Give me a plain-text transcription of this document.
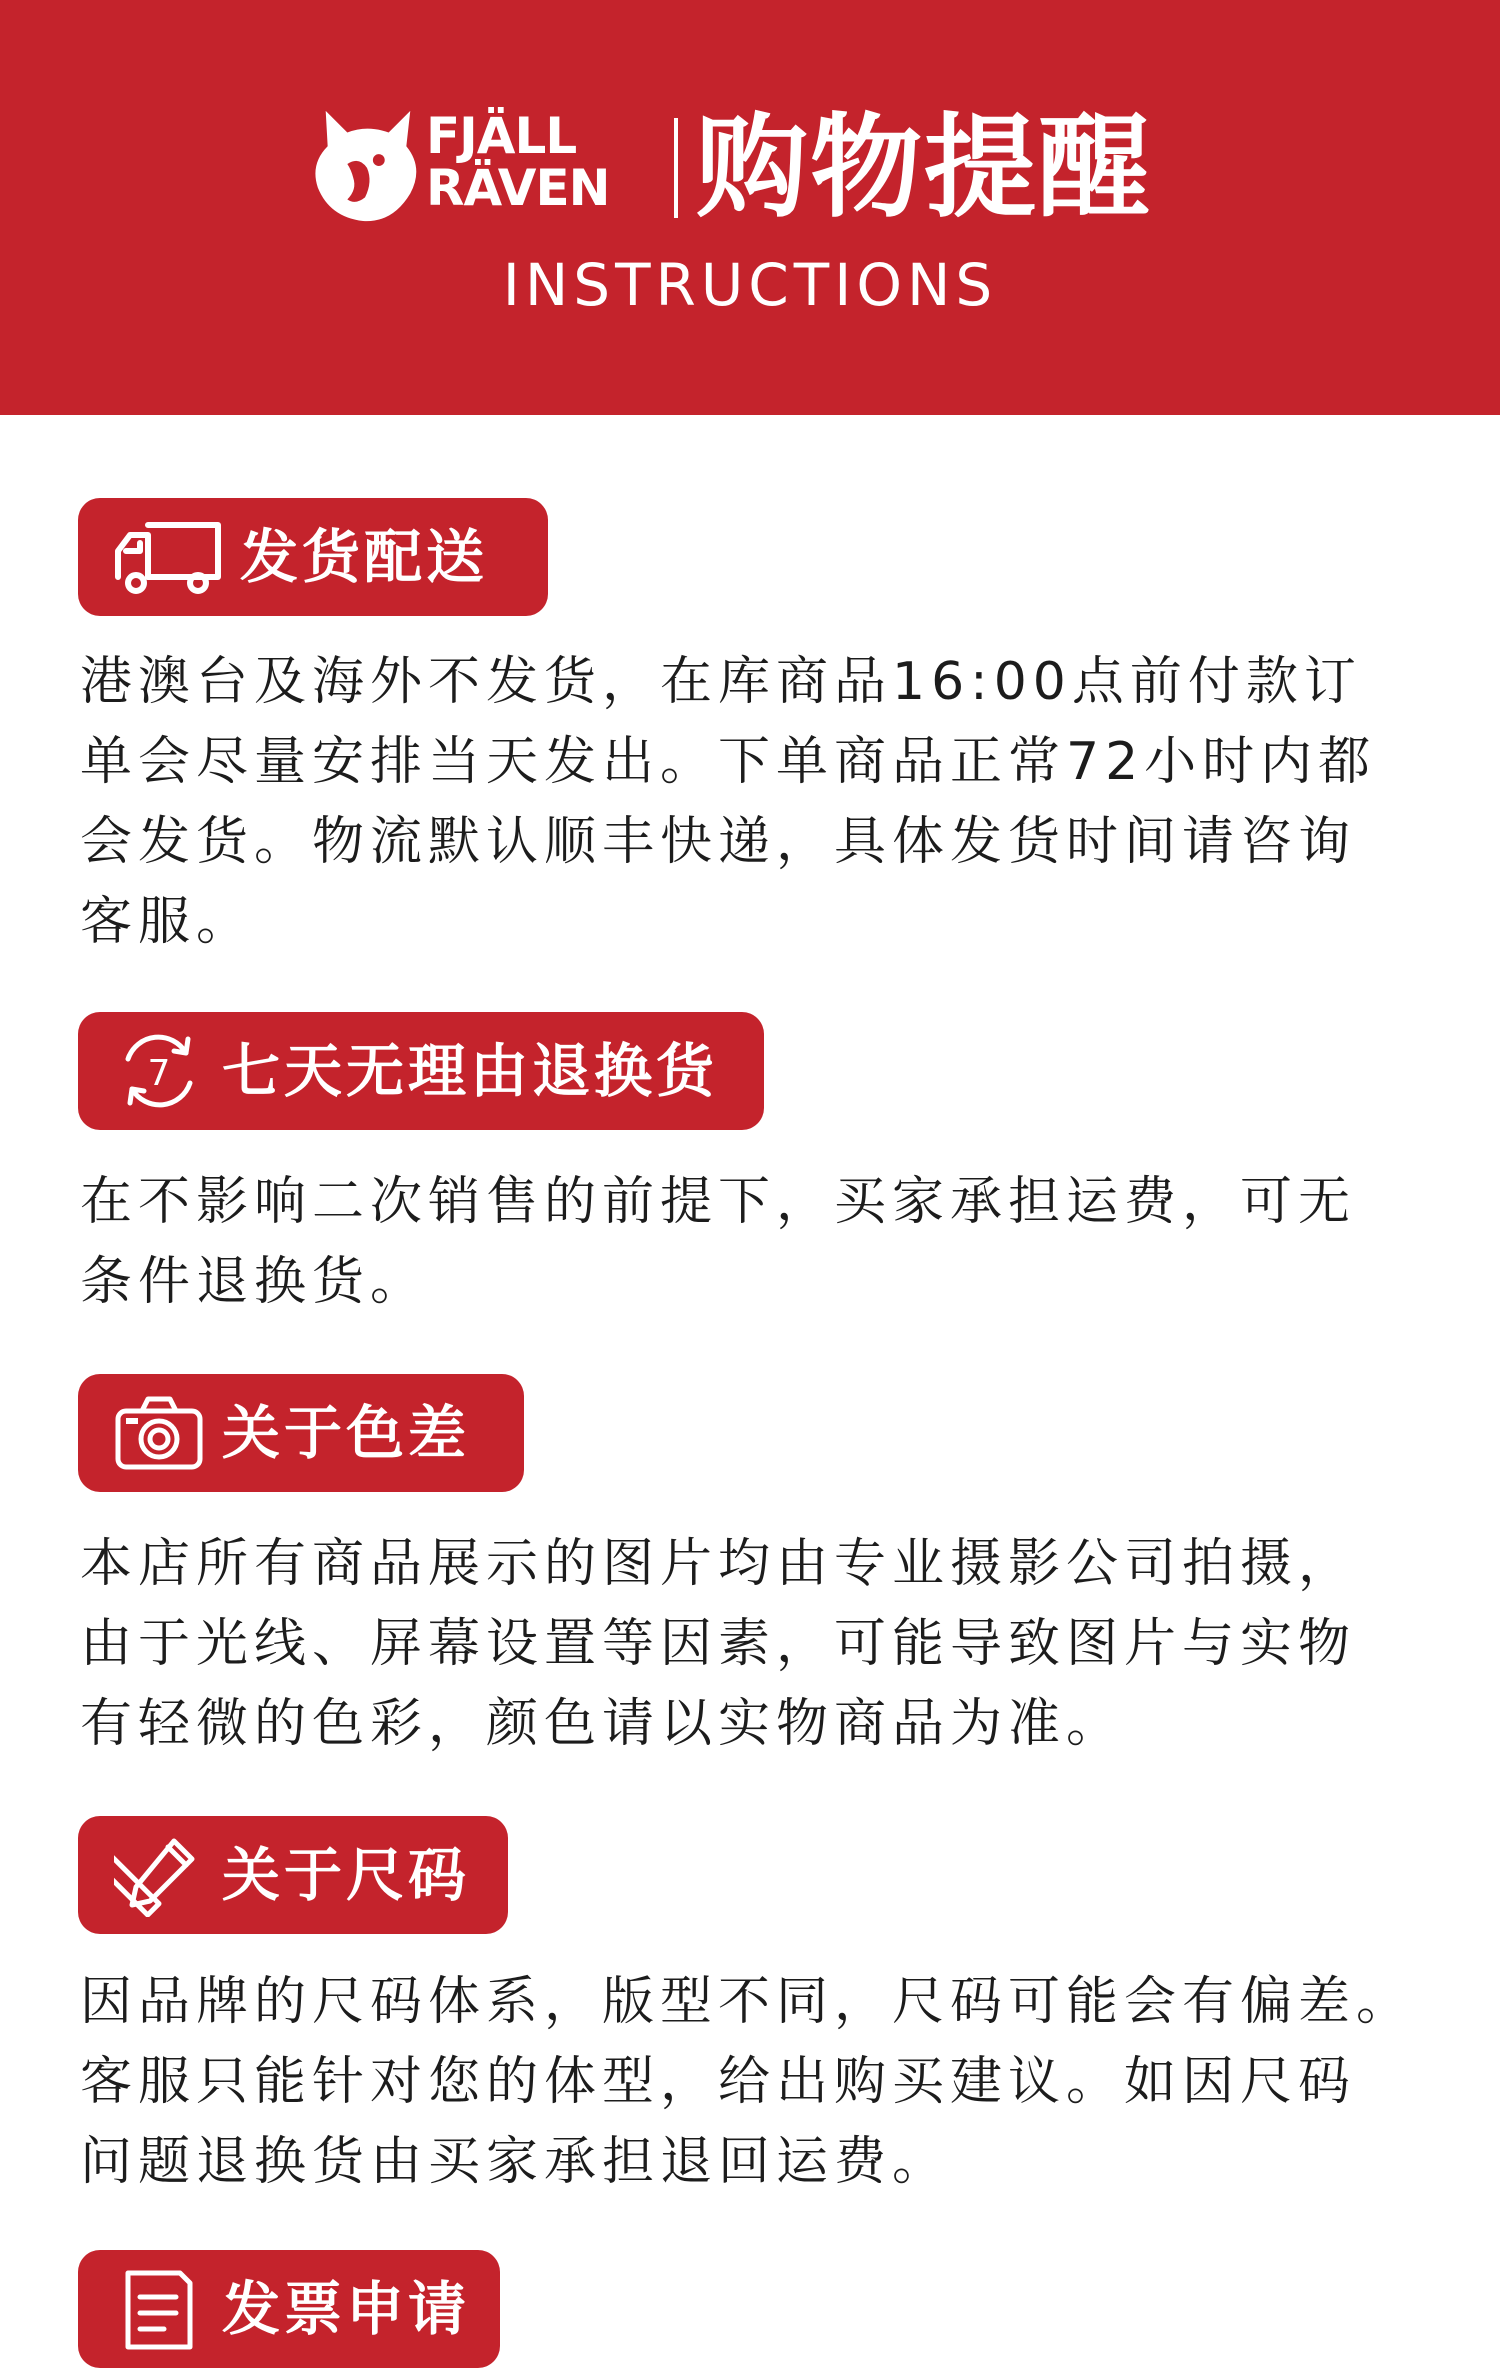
FJÄLL
RÄVEN 购物提醒
INSTRUCTIONS
发货配送
港澳台及海外不发货，在库商品16:00点前付款订
单会尽量安排当天发出。下单商品正常72小时内都
会发货。物流默认顺丰快递，具体发货时间请咨询
客服。
7 七天无理由退换货
在不影响二次销售的前提下，买家承担运费，可无
条件退换货。
关于色差
本店所有商品展示的图片均由专业摄影公司拍摄，
由于光线、屏幕设置等因素，可能导致图片与实物
有轻微的色彩，颜色请以实物商品为准。
关于尺码
因品牌的尺码体系，版型不同，尺码可能会有偏差。
客服只能针对您的体型，给出购买建议。如因尺码
问题退换货由买家承担退回运费。
发票申请
